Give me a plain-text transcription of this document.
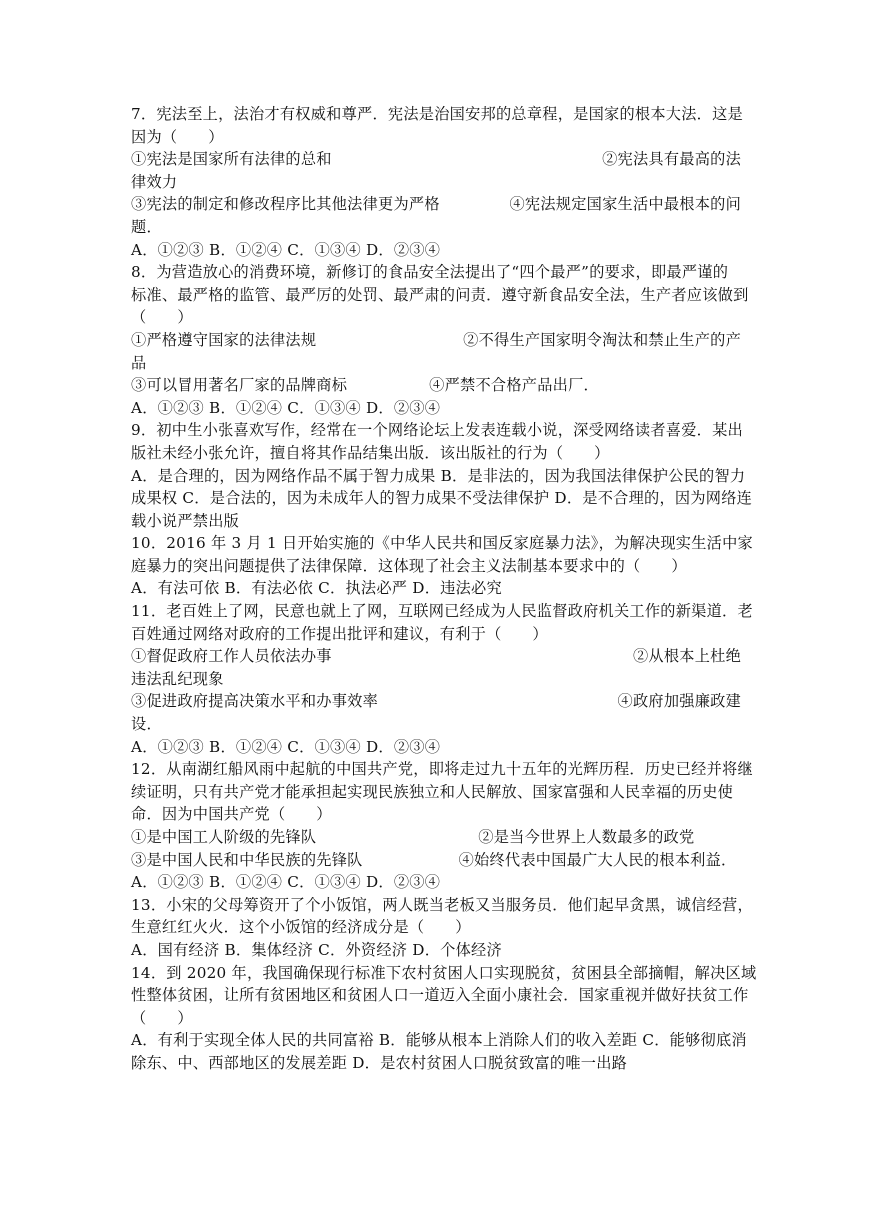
7．宪法至上，法治才有权威和尊严．宪法是治国安邦的总章程，是国家的根本大法．这是
因为（　　）
①宪法是国家所有法律的总和	②宪法具有最高的法
律效力
③宪法的制定和修改程序比其他法律更为严格	④宪法规定国家生活中最根本的问
题．
A．①②③ B．①②④ C．①③④ D．②③④
8．为营造放心的消费环境，新修订的食品安全法提出了“四个最严”的要求，即最严谨的
标准、最严格的监管、最严厉的处罚、最严肃的问责．遵守新食品安全法，生产者应该做到
（　　）
①严格遵守国家的法律法规	②不得生产国家明令淘汰和禁止生产的产
品
③可以冒用著名厂家的品牌商标	④严禁不合格产品出厂．
A．①②③ B．①②④ C．①③④ D．②③④
9．初中生小张喜欢写作，经常在一个网络论坛上发表连载小说，深受网络读者喜爱．某出
版社未经小张允许，擅自将其作品结集出版．该出版社的行为（　　）
A．是合理的，因为网络作品不属于智力成果 B．是非法的，因为我国法律保护公民的智力
成果权 C．是合法的，因为未成年人的智力成果不受法律保护 D．是不合理的，因为网络连
载小说严禁出版
10．2016 年 3 月 1 日开始实施的《中华人民共和国反家庭暴力法》，为解决现实生活中家
庭暴力的突出问题提供了法律保障．这体现了社会主义法制基本要求中的（　　）
A．有法可依 B．有法必依 C．执法必严 D．违法必究
11．老百姓上了网，民意也就上了网，互联网已经成为人民监督政府机关工作的新渠道．老
百姓通过网络对政府的工作提出批评和建议，有利于（　　）
①督促政府工作人员依法办事	②从根本上杜绝
违法乱纪现象
③促进政府提高决策水平和办事效率	④政府加强廉政建
设．
A．①②③ B．①②④ C．①③④ D．②③④
12．从南湖红船风雨中起航的中国共产党，即将走过九十五年的光辉历程．历史已经并将继
续证明，只有共产党才能承担起实现民族独立和人民解放、国家富强和人民幸福的历史使
命．因为中国共产党（　　）
①是中国工人阶级的先锋队	②是当今世界上人数最多的政党
③是中国人民和中华民族的先锋队	④始终代表中国最广大人民的根本利益．
A．①②③ B．①②④ C．①③④ D．②③④
13．小宋的父母筹资开了个小饭馆，两人既当老板又当服务员．他们起早贪黑，诚信经营，
生意红红火火．这个小饭馆的经济成分是（　　）
A．国有经济 B．集体经济 C．外资经济 D．个体经济
14．到 2020 年，我国确保现行标准下农村贫困人口实现脱贫，贫困县全部摘帽，解决区域
性整体贫困，让所有贫困地区和贫困人口一道迈入全面小康社会．国家重视并做好扶贫工作
（　　）
A．有利于实现全体人民的共同富裕 B．能够从根本上消除人们的收入差距 C．能够彻底消
除东、中、西部地区的发展差距 D．是农村贫困人口脱贫致富的唯一出路
